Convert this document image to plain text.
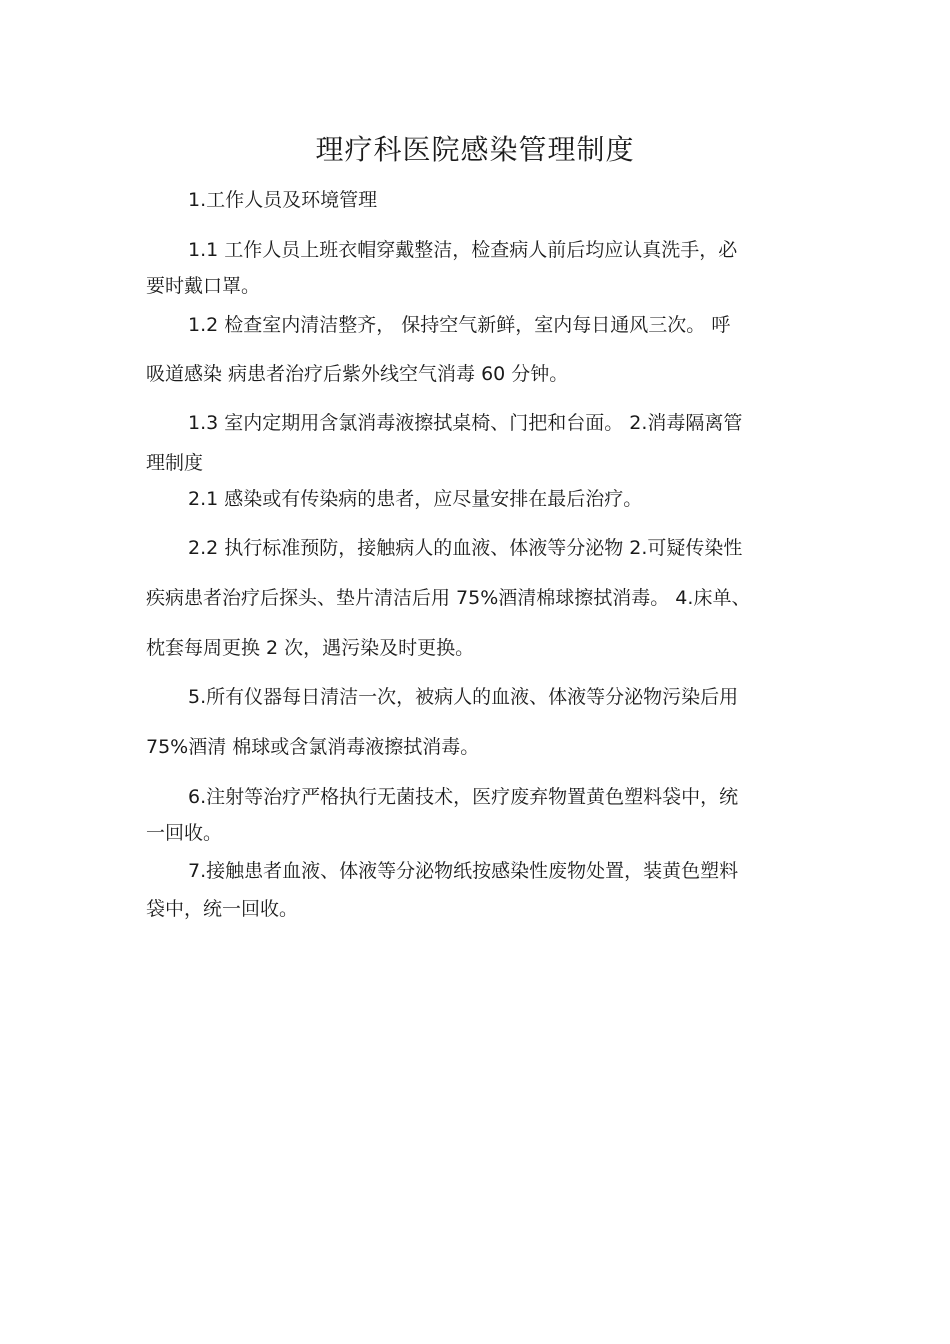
理疗科医院感染管理制度

1.工作人员及环境管理

1.1 工作人员上班衣帽穿戴整洁，检查病人前后均应认真洗手，必

要时戴口罩。

1.2 检查室内清洁整齐， 保持空气新鲜，室内每日通风三次。 呼

吸道感染 病患者治疗后紫外线空气消毒 60 分钟。

1.3 室内定期用含氯消毒液擦拭桌椅、门把和台面。 2.消毒隔离管

理制度

2.1 感染或有传染病的患者，应尽量安排在最后治疗。

2.2 执行标准预防，接触病人的血液、体液等分泌物 2.可疑传染性

疾病患者治疗后探头、垫片清洁后用 75%酒清棉球擦拭消毒。 4.床单、

枕套每周更换 2 次，遇污染及时更换。

5.所有仪器每日清洁一次，被病人的血液、体液等分泌物污染后用

75%酒清 棉球或含氯消毒液擦拭消毒。

6.注射等治疗严格执行无菌技术，医疗废弃物置黄色塑料袋中，统

一回收。

7.接触患者血液、体液等分泌物纸按感染性废物处置，装黄色塑料

袋中，统一回收。
